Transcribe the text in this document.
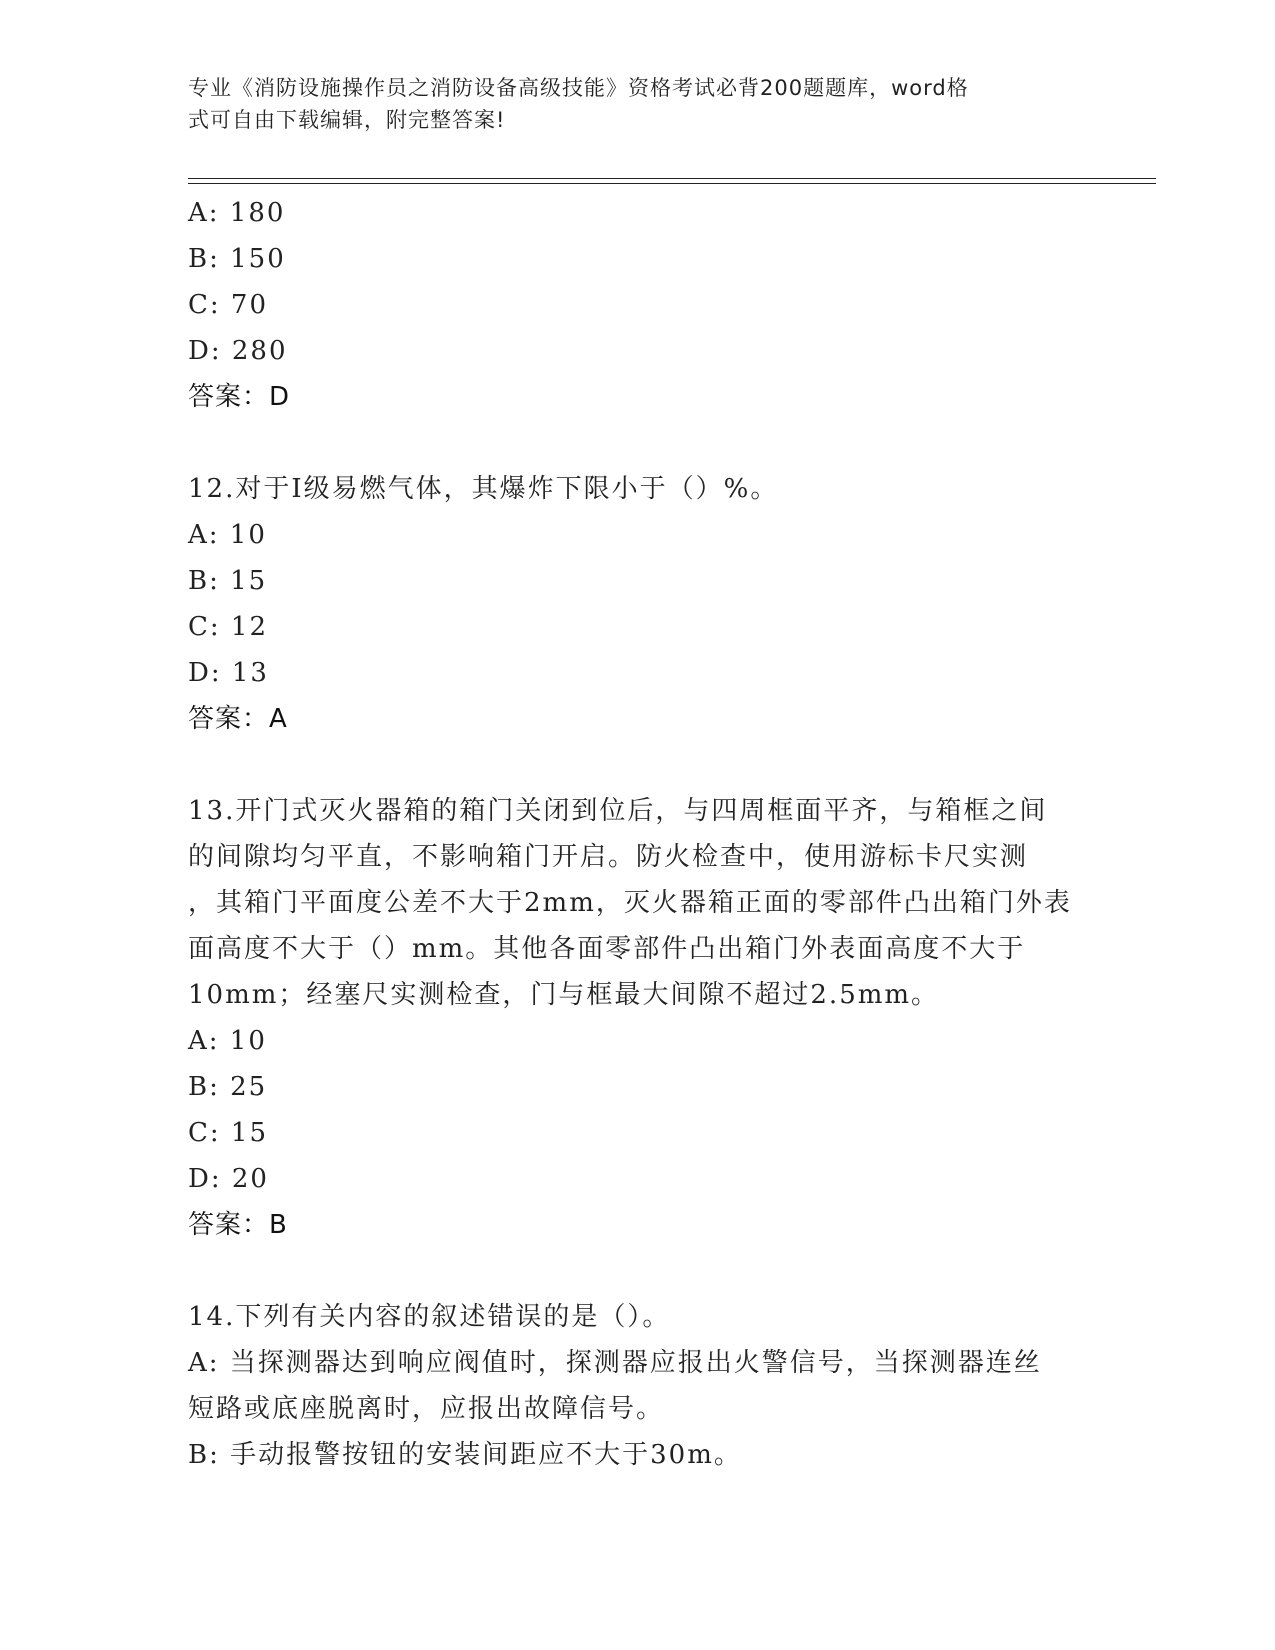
专业《消防设施操作员之消防设备高级技能》资格考试必背200题题库，word格
式可自由下载编辑，附完整答案!
A: 180
B: 150
C: 70
D: 280
答案：D
12.对于Ⅰ级易燃气体，其爆炸下限小于（）%。
A: 10
B: 15
C: 12
D: 13
答案：A
13.开门式灭火器箱的箱门关闭到位后，与四周框面平齐，与箱框之间
的间隙均匀平直，不影响箱门开启。防火检查中，使用游标卡尺实测
，其箱门平面度公差不大于2mm，灭火器箱正面的零部件凸出箱门外表
面高度不大于（）mm。其他各面零部件凸出箱门外表面高度不大于
10mm；经塞尺实测检查，门与框最大间隙不超过2.5mm。
A: 10
B: 25
C: 15
D: 20
答案：B
14.下列有关内容的叙述错误的是（）。
A: 当探测器达到响应阀值时，探测器应报出火警信号，当探测器连丝
短路或底座脱离时，应报出故障信号。
B: 手动报警按钮的安装间距应不大于30m。
